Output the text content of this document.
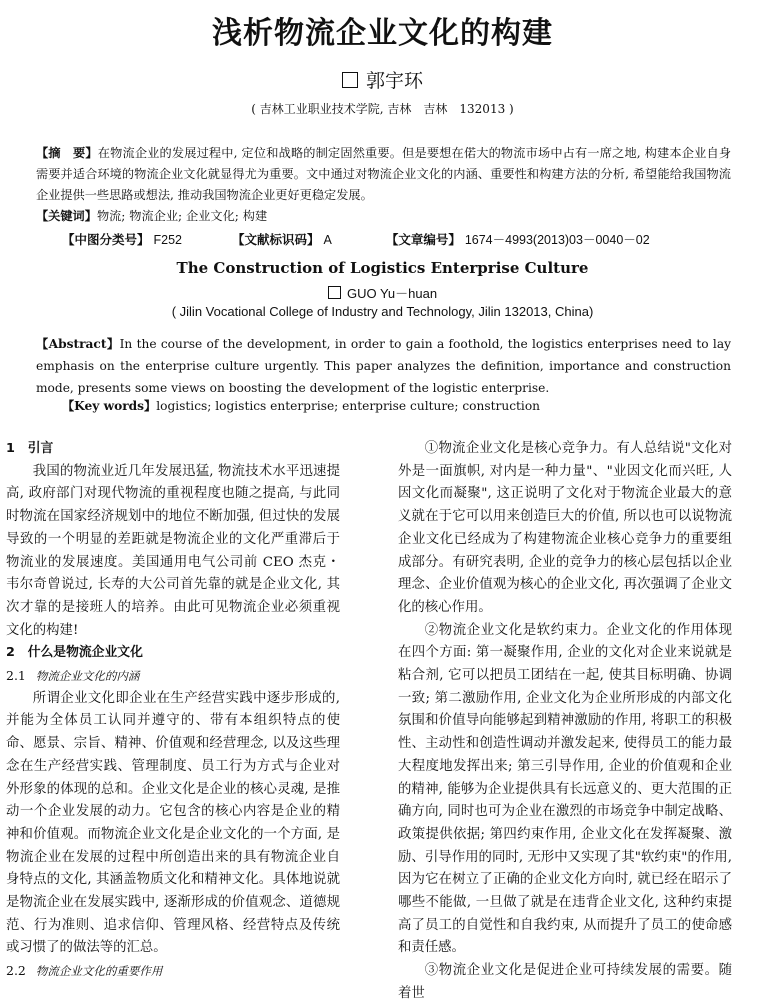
浅析物流企业文化的构建
郭宇环
( 吉林工业职业技术学院, 吉林　吉林　132013 )
【摘　要】在物流企业的发展过程中, 定位和战略的制定固然重要。但是要想在偌大的物流市场中占有一席之地, 构建本企业自身需要并适合环境的物流企业文化就显得尤为重要。文中通过对物流企业文化的内涵、重要性和构建方法的分析, 希望能给我国物流企业提供一些思路或想法, 推动我国物流企业更好更稳定发展。
【关键词】物流; 物流企业; 企业文化; 构建
【中图分类号】 F252	【文献标识码】 A	【文章编号】 1674－4993(2013)03－0040－02
The Construction of Logistics Enterprise Culture
GUO Yu－huan
( Jilin Vocational College of Industry and Technology, Jilin 132013, China)
【Abstract】In the course of the development, in order to gain a foothold, the logistics enterprises need to lay emphasis on the enterprise culture urgently. This paper analyzes the definition, importance and construction mode, presents some views on boosting the development of the logistic enterprise.
【Key words】logistics; logistics enterprise; enterprise culture; construction

1　引言

我国的物流业近几年发展迅猛, 物流技术水平迅速提高, 政府部门对现代物流的重视程度也随之提高, 与此同时物流在国家经济规划中的地位不断加强, 但过快的发展导致的一个明显的差距就是物流企业的文化严重滞后于物流业的发展速度。美国通用电气公司前 CEO 杰克・韦尔奇曾说过, 长寿的大公司首先靠的就是企业文化, 其次才靠的是接班人的培养。由此可见物流企业必须重视文化的构建!

2　什么是物流企业文化

2.1 物流企业文化的内涵

所谓企业文化即企业在生产经营实践中逐步形成的, 并能为全体员工认同并遵守的、带有本组织特点的使命、愿景、宗旨、精神、价值观和经营理念, 以及这些理念在生产经营实践、管理制度、员工行为方式与企业对外形象的体现的总和。企业文化是企业的核心灵魂, 是推动一个企业发展的动力。它包含的核心内容是企业的精神和价值观。而物流企业文化是企业文化的一个方面, 是物流企业在发展的过程中所创造出来的具有物流企业自身特点的文化, 其涵盖物质文化和精神文化。具体地说就是物流企业在发展实践中, 逐渐形成的价值观念、道德规范、行为准则、追求信仰、管理风格、经营特点及传统或习惯了的做法等的汇总。

2.2 物流企业文化的重要作用

①物流企业文化是核心竞争力。有人总结说"文化对外是一面旗帜, 对内是一种力量"、"业因文化而兴旺, 人因文化而凝聚", 这正说明了文化对于物流企业最大的意义就在于它可以用来创造巨大的价值, 所以也可以说物流企业文化已经成为了构建物流企业核心竞争力的重要组成部分。有研究表明, 企业的竞争力的核心层包括以企业理念、企业价值观为核心的企业文化, 再次强调了企业文化的核心作用。

②物流企业文化是软约束力。企业文化的作用体现在四个方面: 第一凝聚作用, 企业的文化对企业来说就是粘合剂, 它可以把员工团结在一起, 使其目标明确、协调一致; 第二激励作用, 企业文化为企业所形成的内部文化氛围和价值导向能够起到精神激励的作用, 将职工的积极性、主动性和创造性调动并激发起来, 使得员工的能力最大程度地发挥出来; 第三引导作用, 企业的价值观和企业的精神, 能够为企业提供具有长远意义的、更大范围的正确方向, 同时也可为企业在激烈的市场竞争中制定战略、政策提供依据; 第四约束作用, 企业文化在发挥凝聚、激励、引导作用的同时, 无形中又实现了其"软约束"的作用, 因为它在树立了正确的企业文化方向时, 就已经在昭示了哪些不能做, 一旦做了就是在违背企业文化, 这种约束提高了员工的自觉性和自我约束, 从而提升了员工的使命感和责任感。

③物流企业文化是促进企业可持续发展的需要。随着世
